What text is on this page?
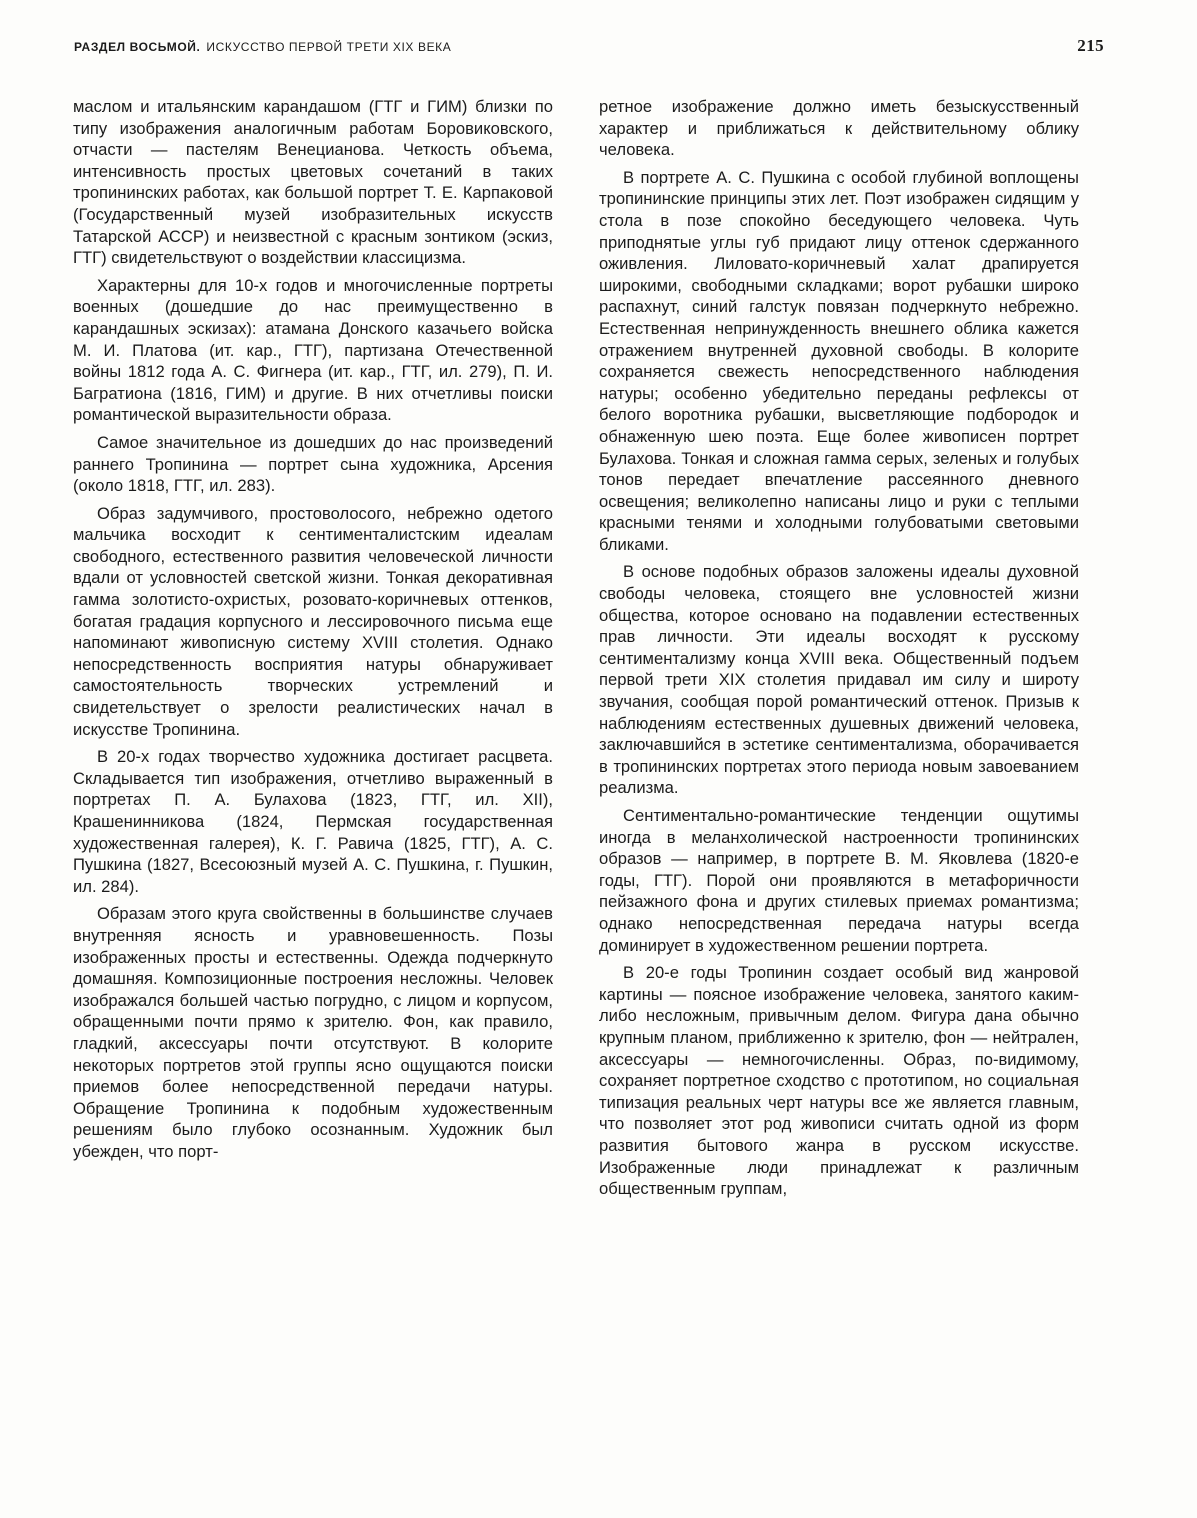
РАЗДЕЛ ВОСЬМОЙ. ИСКУССТВО ПЕРВОЙ ТРЕТИ XIX ВЕКА	215

маслом и итальянским карандашом (ГТГ и ГИМ) близки по типу изображения аналогичным работам Боровиковского, отчасти — пастелям Венецианова. Четкость объема, интенсивность простых цветовых сочетаний в таких тропининских работах, как большой портрет Т. Е. Карпаковой (Государственный музей изобразительных искусств Татарской АССР) и неизвестной с красным зонтиком (эскиз, ГТГ) свидетельствуют о воздействии классицизма.

Характерны для 10-х годов и многочисленные портреты военных (дошедшие до нас преимущественно в карандашных эскизах): атамана Донского казачьего войска М. И. Платова (ит. кар., ГТГ), партизана Отечественной войны 1812 года А. С. Фигнера (ит. кар., ГТГ, ил. 279), П. И. Багратиона (1816, ГИМ) и другие. В них отчетливы поиски романтической выразительности образа.

Самое значительное из дошедших до нас произведений раннего Тропинина — портрет сына художника, Арсения (около 1818, ГТГ, ил. 283).

Образ задумчивого, простоволосого, небрежно одетого мальчика восходит к сентименталистским идеалам свободного, естественного развития человеческой личности вдали от условностей светской жизни. Тонкая декоративная гамма золотисто-охристых, розовато-коричневых оттенков, богатая градация корпусного и лессировочного письма еще напоминают живописную систему XVIII столетия. Однако непосредственность восприятия натуры обнаруживает самостоятельность творческих устремлений и свидетельствует о зрелости реалистических начал в искусстве Тропинина.

В 20-х годах творчество художника достигает расцвета. Складывается тип изображения, отчетливо выраженный в портретах П. А. Булахова (1823, ГТГ, ил. XII), Крашенинникова (1824, Пермская государственная художественная галерея), К. Г. Равича (1825, ГТГ), А. С. Пушкина (1827, Всесоюзный музей А. С. Пушкина, г. Пушкин, ил. 284).

Образам этого круга свойственны в большинстве случаев внутренняя ясность и уравновешенность. Позы изображенных просты и естественны. Одежда подчеркнуто домашняя. Композиционные построения несложны. Человек изображался большей частью погрудно, с лицом и корпусом, обращенными почти прямо к зрителю. Фон, как правило, гладкий, аксессуары почти отсутствуют. В колорите некоторых портретов этой группы ясно ощущаются поиски приемов более непосредственной передачи натуры. Обращение Тропинина к подобным художественным решениям было глубоко осознанным. Художник был убежден, что порт-

ретное изображение должно иметь безыскусственный характер и приближаться к действительному облику человека.

В портрете А. С. Пушкина с особой глубиной воплощены тропининские принципы этих лет. Поэт изображен сидящим у стола в позе спокойно беседующего человека. Чуть приподнятые углы губ придают лицу оттенок сдержанного оживления. Лиловато-коричневый халат драпируется широкими, свободными складками; ворот рубашки широко распахнут, синий галстук повязан подчеркнуто небрежно. Естественная непринужденность внешнего облика кажется отражением внутренней духовной свободы. В колорите сохраняется свежесть непосредственного наблюдения натуры; особенно убедительно переданы рефлексы от белого воротника рубашки, высветляющие подбородок и обнаженную шею поэта. Еще более живописен портрет Булахова. Тонкая и сложная гамма серых, зеленых и голубых тонов передает впечатление рассеянного дневного освещения; великолепно написаны лицо и руки с теплыми красными тенями и холодными голубоватыми световыми бликами.

В основе подобных образов заложены идеалы духовной свободы человека, стоящего вне условностей жизни общества, которое основано на подавлении естественных прав личности. Эти идеалы восходят к русскому сентиментализму конца XVIII века. Общественный подъем первой трети XIX столетия придавал им силу и широту звучания, сообщая порой романтический оттенок. Призыв к наблюдениям естественных душевных движений человека, заключавшийся в эстетике сентиментализма, оборачивается в тропининских портретах этого периода новым завоеванием реализма.

Сентиментально-романтические тенденции ощутимы иногда в меланхолической настроенности тропининских образов — например, в портрете В. М. Яковлева (1820-е годы, ГТГ). Порой они проявляются в метафоричности пейзажного фона и других стилевых приемах романтизма; однако непосредственная передача натуры всегда доминирует в художественном решении портрета.

В 20-е годы Тропинин создает особый вид жанровой картины — поясное изображение человека, занятого каким-либо несложным, привычным делом. Фигура дана обычно крупным планом, приближенно к зрителю, фон — нейтрален, аксессуары — немногочисленны. Образ, по-видимому, сохраняет портретное сходство с прототипом, но социальная типизация реальных черт натуры все же является главным, что позволяет этот род живописи считать одной из форм развития бытового жанра в русском искусстве. Изображенные люди принадлежат к различным общественным группам,
